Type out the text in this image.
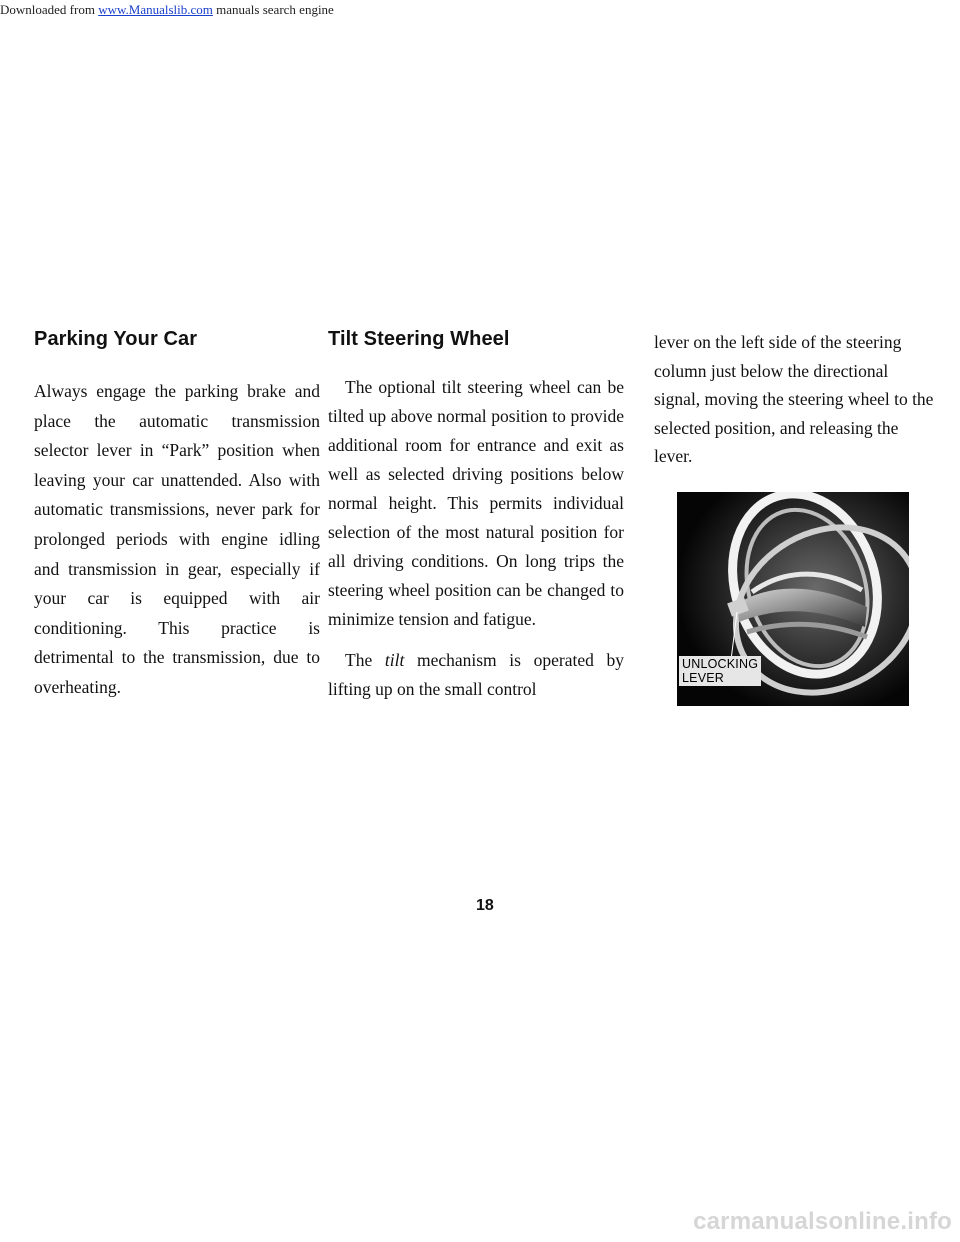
Downloaded from www.Manualslib.com manuals search engine
Parking Your Car

Always engage the parking brake and place the automatic transmission selector lever in “Park” position when leaving your car unattended. Also with automatic transmissions, never park for prolonged periods with engine idling and transmission in gear, especially if your car is equipped with air conditioning. This practice is detrimental to the transmission, due to overheating.

Tilt Steering Wheel

The optional tilt steering wheel can be tilted up above normal position to provide additional room for entrance and exit as well as selected driving positions below normal height. This permits individual selection of the most natural position for all driving conditions. On long trips the steering wheel position can be changed to minimize tension and fatigue.

The tilt mechanism is operated by lifting up on the small control

lever on the left side of the steering column just below the directional signal, moving the steering wheel to the selected position, and releasing the lever.

UNLOCKING
LEVER
18
carmanualsonline.info
